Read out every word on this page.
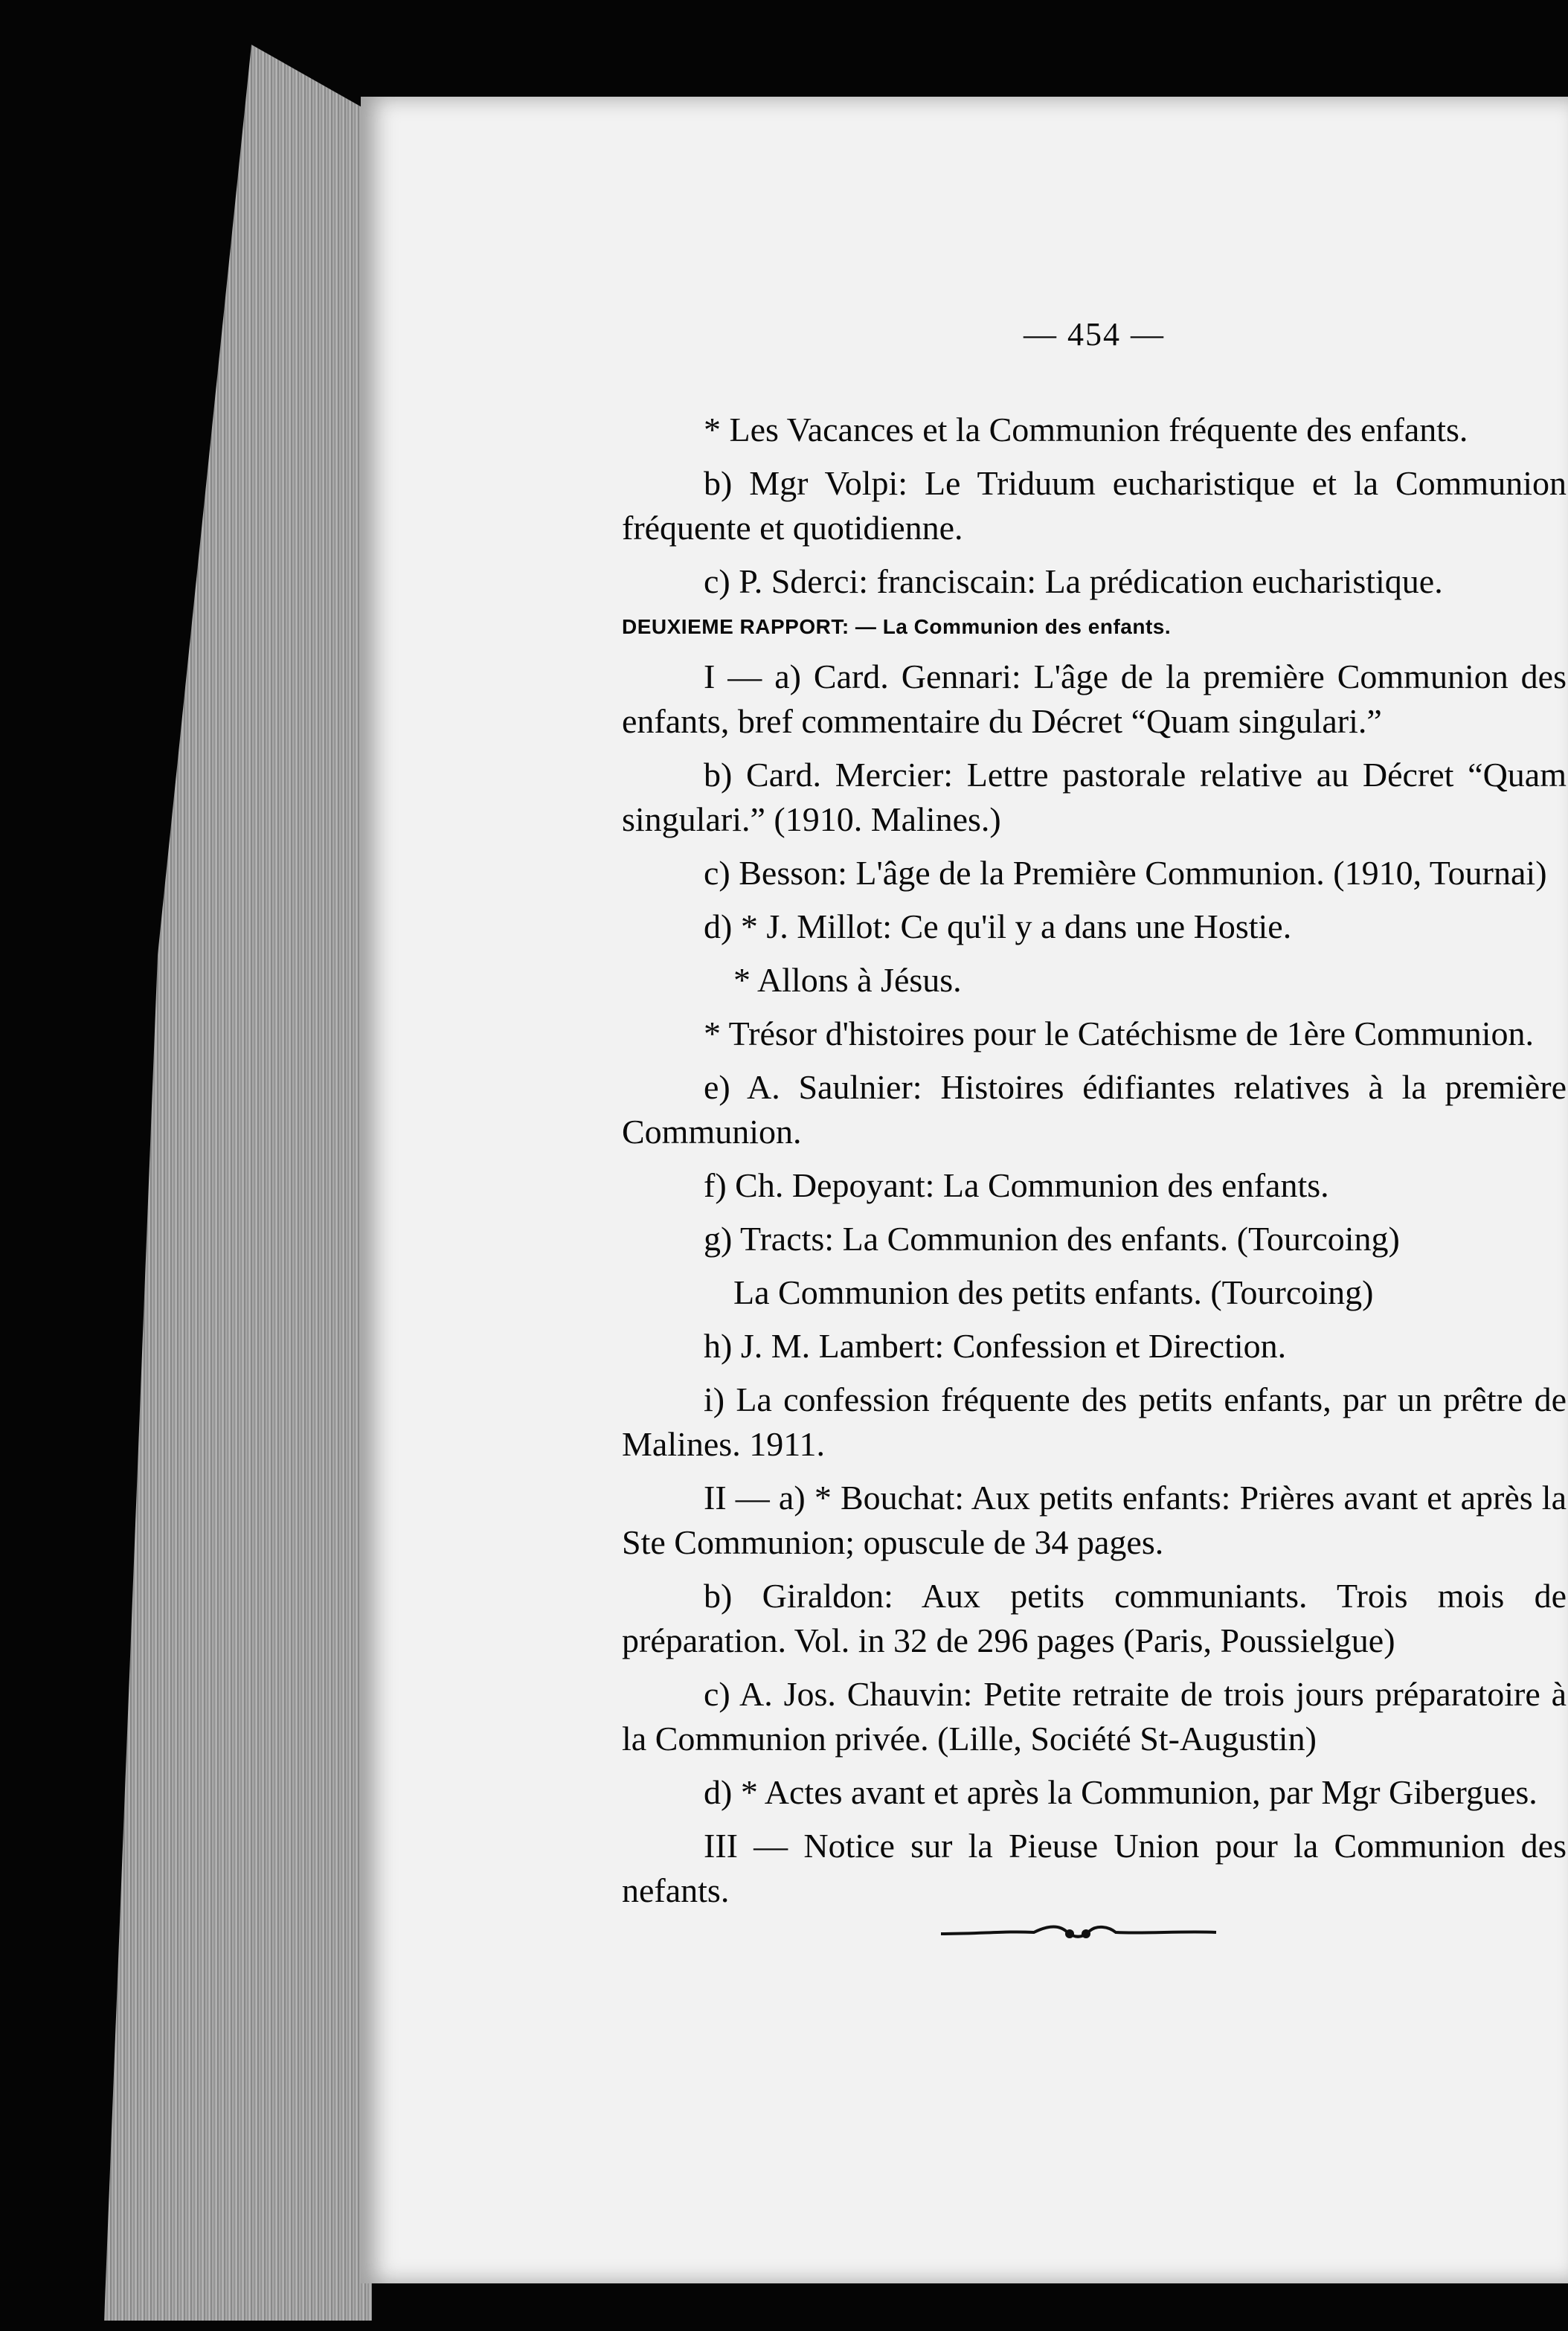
— 454 —

* Les Vacances et la Communion fréquente des enfants.

b) Mgr Volpi: Le Triduum eucharistique et la Communion fréquente et quotidienne.

c) P. Sderci: franciscain: La prédication eucharistique.

DEUXIEME RAPPORT: — La Communion des enfants.

I — a) Card. Gennari: L'âge de la première Communion des enfants, bref commentaire du Décret “Quam singulari.”

b) Card. Mercier: Lettre pastorale relative au Décret “Quam singulari.” (1910. Malines.)

c) Besson: L'âge de la Première Communion. (1910, Tournai)

d) * J. Millot: Ce qu'il y a dans une Hostie.

* Allons à Jésus.

* Trésor d'histoires pour le Catéchisme de 1ère Communion.

e) A. Saulnier: Histoires édifiantes relatives à la première Communion.

f) Ch. Depoyant: La Communion des enfants.

g) Tracts: La Communion des enfants. (Tourcoing)

La Communion des petits enfants. (Tourcoing)

h) J. M. Lambert: Confession et Direction.

i) La confession fréquente des petits enfants, par un prêtre de Malines. 1911.

II — a) * Bouchat: Aux petits enfants: Prières avant et après la Ste Communion; opuscule de 34 pages.

b) Giraldon: Aux petits communiants. Trois mois de préparation. Vol. in 32 de 296 pages (Paris, Poussielgue)

c) A. Jos. Chauvin: Petite retraite de trois jours préparatoire à la Communion privée. (Lille, Société St-Augustin)

d) * Actes avant et après la Communion, par Mgr Gibergues.

III — Notice sur la Pieuse Union pour la Communion des nefants.
